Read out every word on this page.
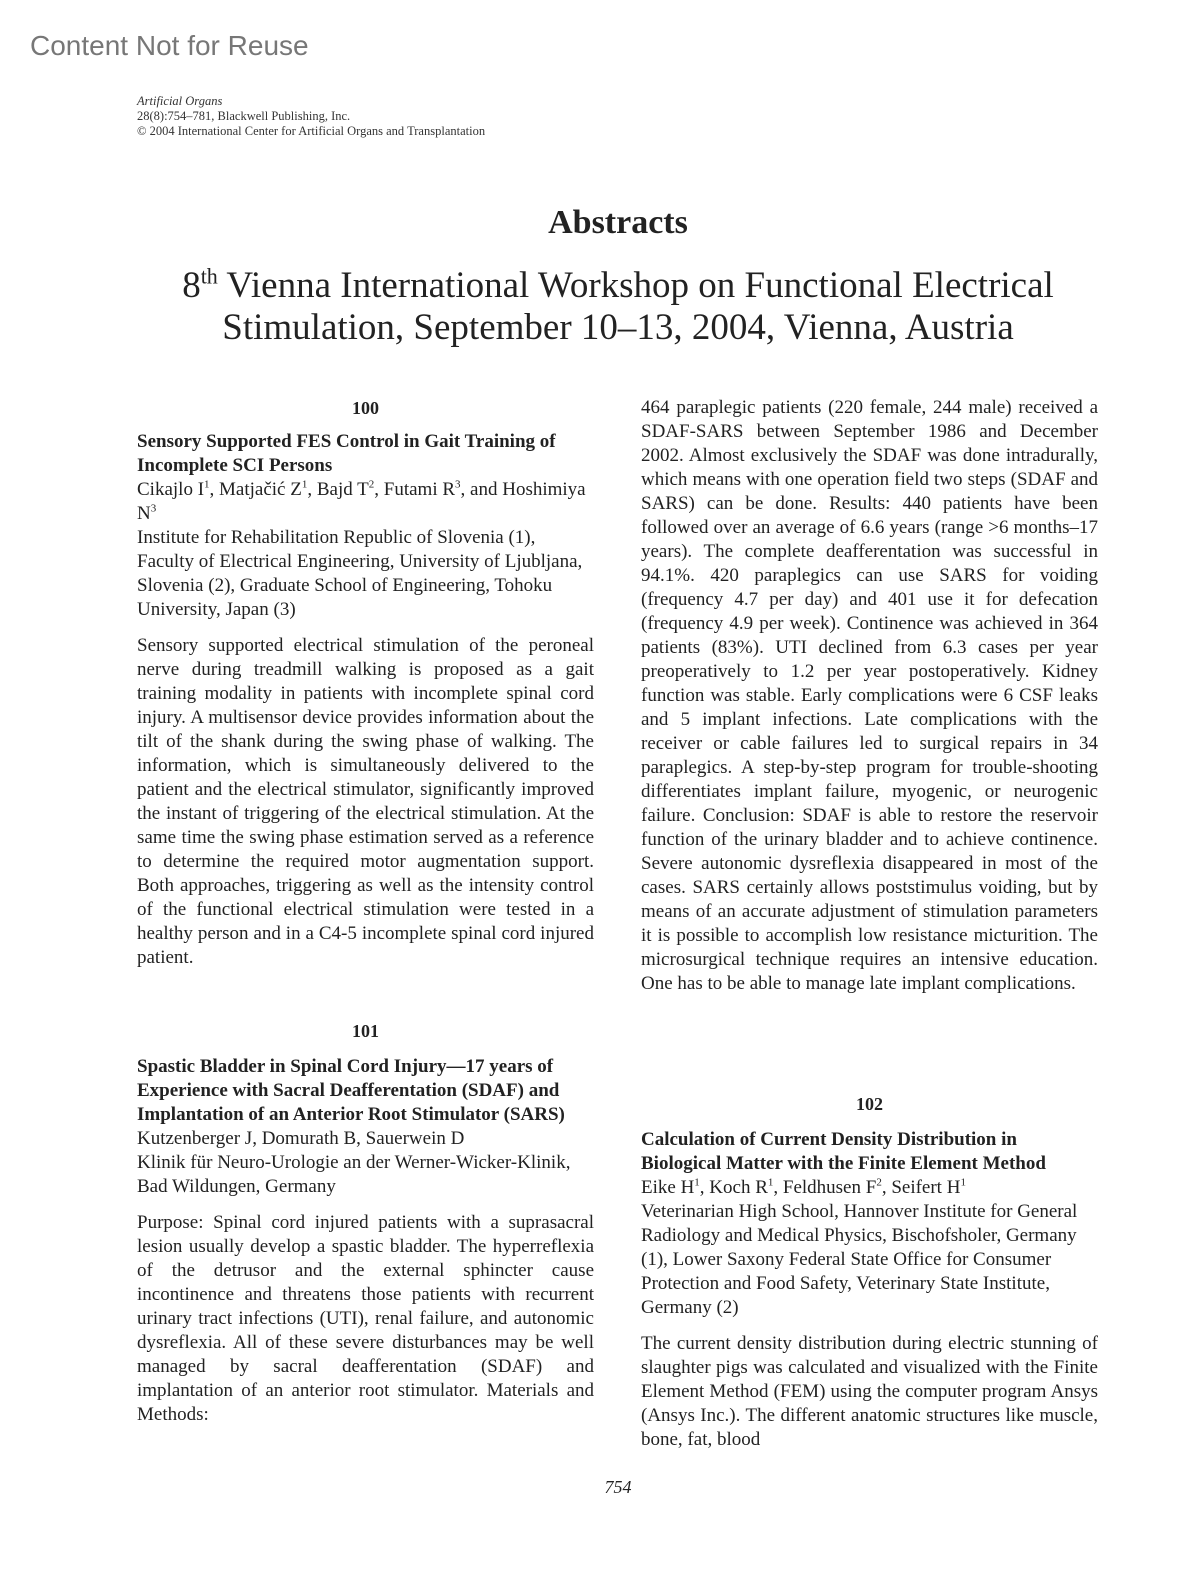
Content Not for Reuse
Artificial Organs
28(8):754–781, Blackwell Publishing, Inc.
© 2004 International Center for Artificial Organs and Transplantation
Abstracts
8th Vienna International Workshop on Functional Electrical
Stimulation, September 10–13, 2004, Vienna, Austria
100
Sensory Supported FES Control in Gait Training of Incomplete SCI Persons
Cikajlo $I^1$, Matjačić $Z^1$, Bajd $T^2$, Futami $R^3$, and Hoshimiya $N^3$
Institute for Rehabilitation Republic of Slovenia (1), Faculty of Electrical Engineering, University of Ljubljana, Slovenia (2), Graduate School of Engineering, Tohoku University, Japan (3)
Sensory supported electrical stimulation of the peroneal nerve during treadmill walking is proposed as a gait training modality in patients with incomplete spinal cord injury. A multisensor device provides information about the tilt of the shank during the swing phase of walking. The information, which is simultaneously delivered to the patient and the electrical stimulator, significantly improved the instant of triggering of the electrical stimulation. At the same time the swing phase estimation served as a reference to determine the required motor augmentation support. Both approaches, triggering as well as the intensity control of the functional electrical stimulation were tested in a healthy person and in a C4-5 incomplete spinal cord injured patient.
101
Spastic Bladder in Spinal Cord Injury—17 years of Experience with Sacral Deafferentation (SDAF) and Implantation of an Anterior Root Stimulator (SARS)
Kutzenberger J, Domurath B, Sauerwein D
Klinik für Neuro-Urologie an der Werner-Wicker-Klinik, Bad Wildungen, Germany
Purpose: Spinal cord injured patients with a suprasacral lesion usually develop a spastic bladder. The hyperreflexia of the detrusor and the external sphincter cause incontinence and threatens those patients with recurrent urinary tract infections (UTI), renal failure, and autonomic dysreflexia. All of these severe disturbances may be well managed by sacral deafferentation (SDAF) and implantation of an anterior root stimulator. Materials and Methods:
464 paraplegic patients (220 female, 244 male) received a SDAF-SARS between September 1986 and December 2002. Almost exclusively the SDAF was done intradurally, which means with one operation field two steps (SDAF and SARS) can be done. Results: 440 patients have been followed over an average of 6.6 years (range >6 months–17 years). The complete deafferentation was successful in 94.1%. 420 paraplegics can use SARS for voiding (frequency 4.7 per day) and 401 use it for defecation (frequency 4.9 per week). Continence was achieved in 364 patients (83%). UTI declined from 6.3 cases per year preoperatively to 1.2 per year postoperatively. Kidney function was stable. Early complications were 6 CSF leaks and 5 implant infections. Late complications with the receiver or cable failures led to surgical repairs in 34 paraplegics. A step-by-step program for trouble-shooting differentiates implant failure, myogenic, or neurogenic failure. Conclusion: SDAF is able to restore the reservoir function of the urinary bladder and to achieve continence. Severe autonomic dysreflexia disappeared in most of the cases. SARS certainly allows poststimulus voiding, but by means of an accurate adjustment of stimulation parameters it is possible to accomplish low resistance micturition. The microsurgical technique requires an intensive education. One has to be able to manage late implant complications.
102
Calculation of Current Density Distribution in Biological Matter with the Finite Element Method
Eike $H^1$, Koch $R^1$, Feldhusen $F^2$, Seifert $H^1$
Veterinarian High School, Hannover Institute for General Radiology and Medical Physics, Bischofsholer, Germany (1), Lower Saxony Federal State Office for Consumer Protection and Food Safety, Veterinary State Institute, Germany (2)
The current density distribution during electric stunning of slaughter pigs was calculated and visualized with the Finite Element Method (FEM) using the computer program Ansys (Ansys Inc.). The different anatomic structures like muscle, bone, fat, blood
754
